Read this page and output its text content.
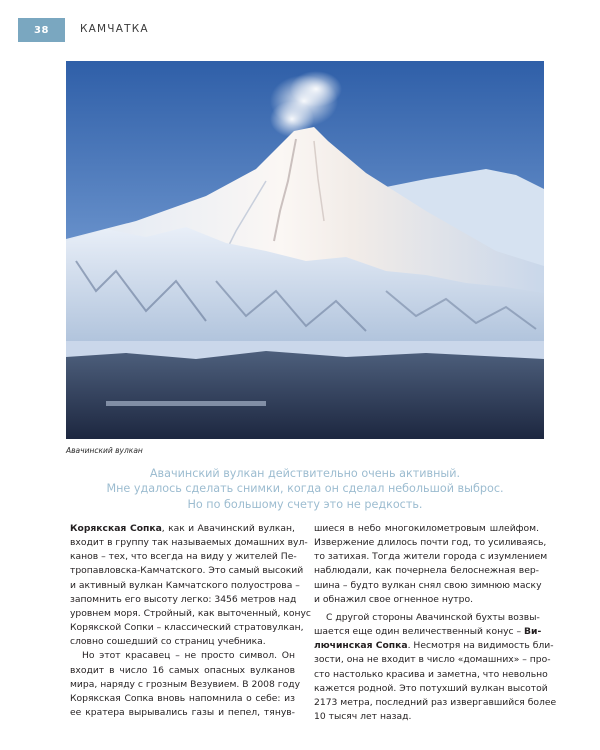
38	КАМЧАТКА
Авачинский вулкан
Авачинский вулкан действительно очень активный.
Мне удалось сделать снимки, когда он сделал небольшой выброс.
Но по большому счету это не редкость.
Корякская Сопка, как и Авачинский вулкан,
входит в группу так называемых домашних вул-
канов – тех, что всегда на виду у жителей Пе-
тропавловска-Камчатского. Это самый высокий
и активный вулкан Камчатского полуострова –
запомнить его высоту легко: 3456 метров над
уровнем моря. Стройный, как выточенный, конус
Корякской Сопки – классический стратовулкан,
словно сошедший со страниц учебника.
Но этот красавец – не просто символ. Он
входит в число 16 самых опасных вулканов
мира, наряду с грозным Везувием. В 2008 году
Корякская Сопка вновь напомнила о себе: из
ее кратера вырывались газы и пепел, тянув-
шиеся в небо многокилометровым шлейфом.
Извержение длилось почти год, то усиливаясь,
то затихая. Тогда жители города с изумлением
наблюдали, как почернела белоснежная вер-
шина – будто вулкан снял свою зимнюю маску
и обнажил свое огненное нутро.
С другой стороны Авачинской бухты возвы-
шается еще один величественный конус – Ви-
лючинская Сопка. Несмотря на видимость бли-
зости, она не входит в число «домашних» – про-
сто настолько красива и заметна, что невольно
кажется родной. Это потухший вулкан высотой
2173 метра, последний раз извергавшийся более
10 тысяч лет назад.
